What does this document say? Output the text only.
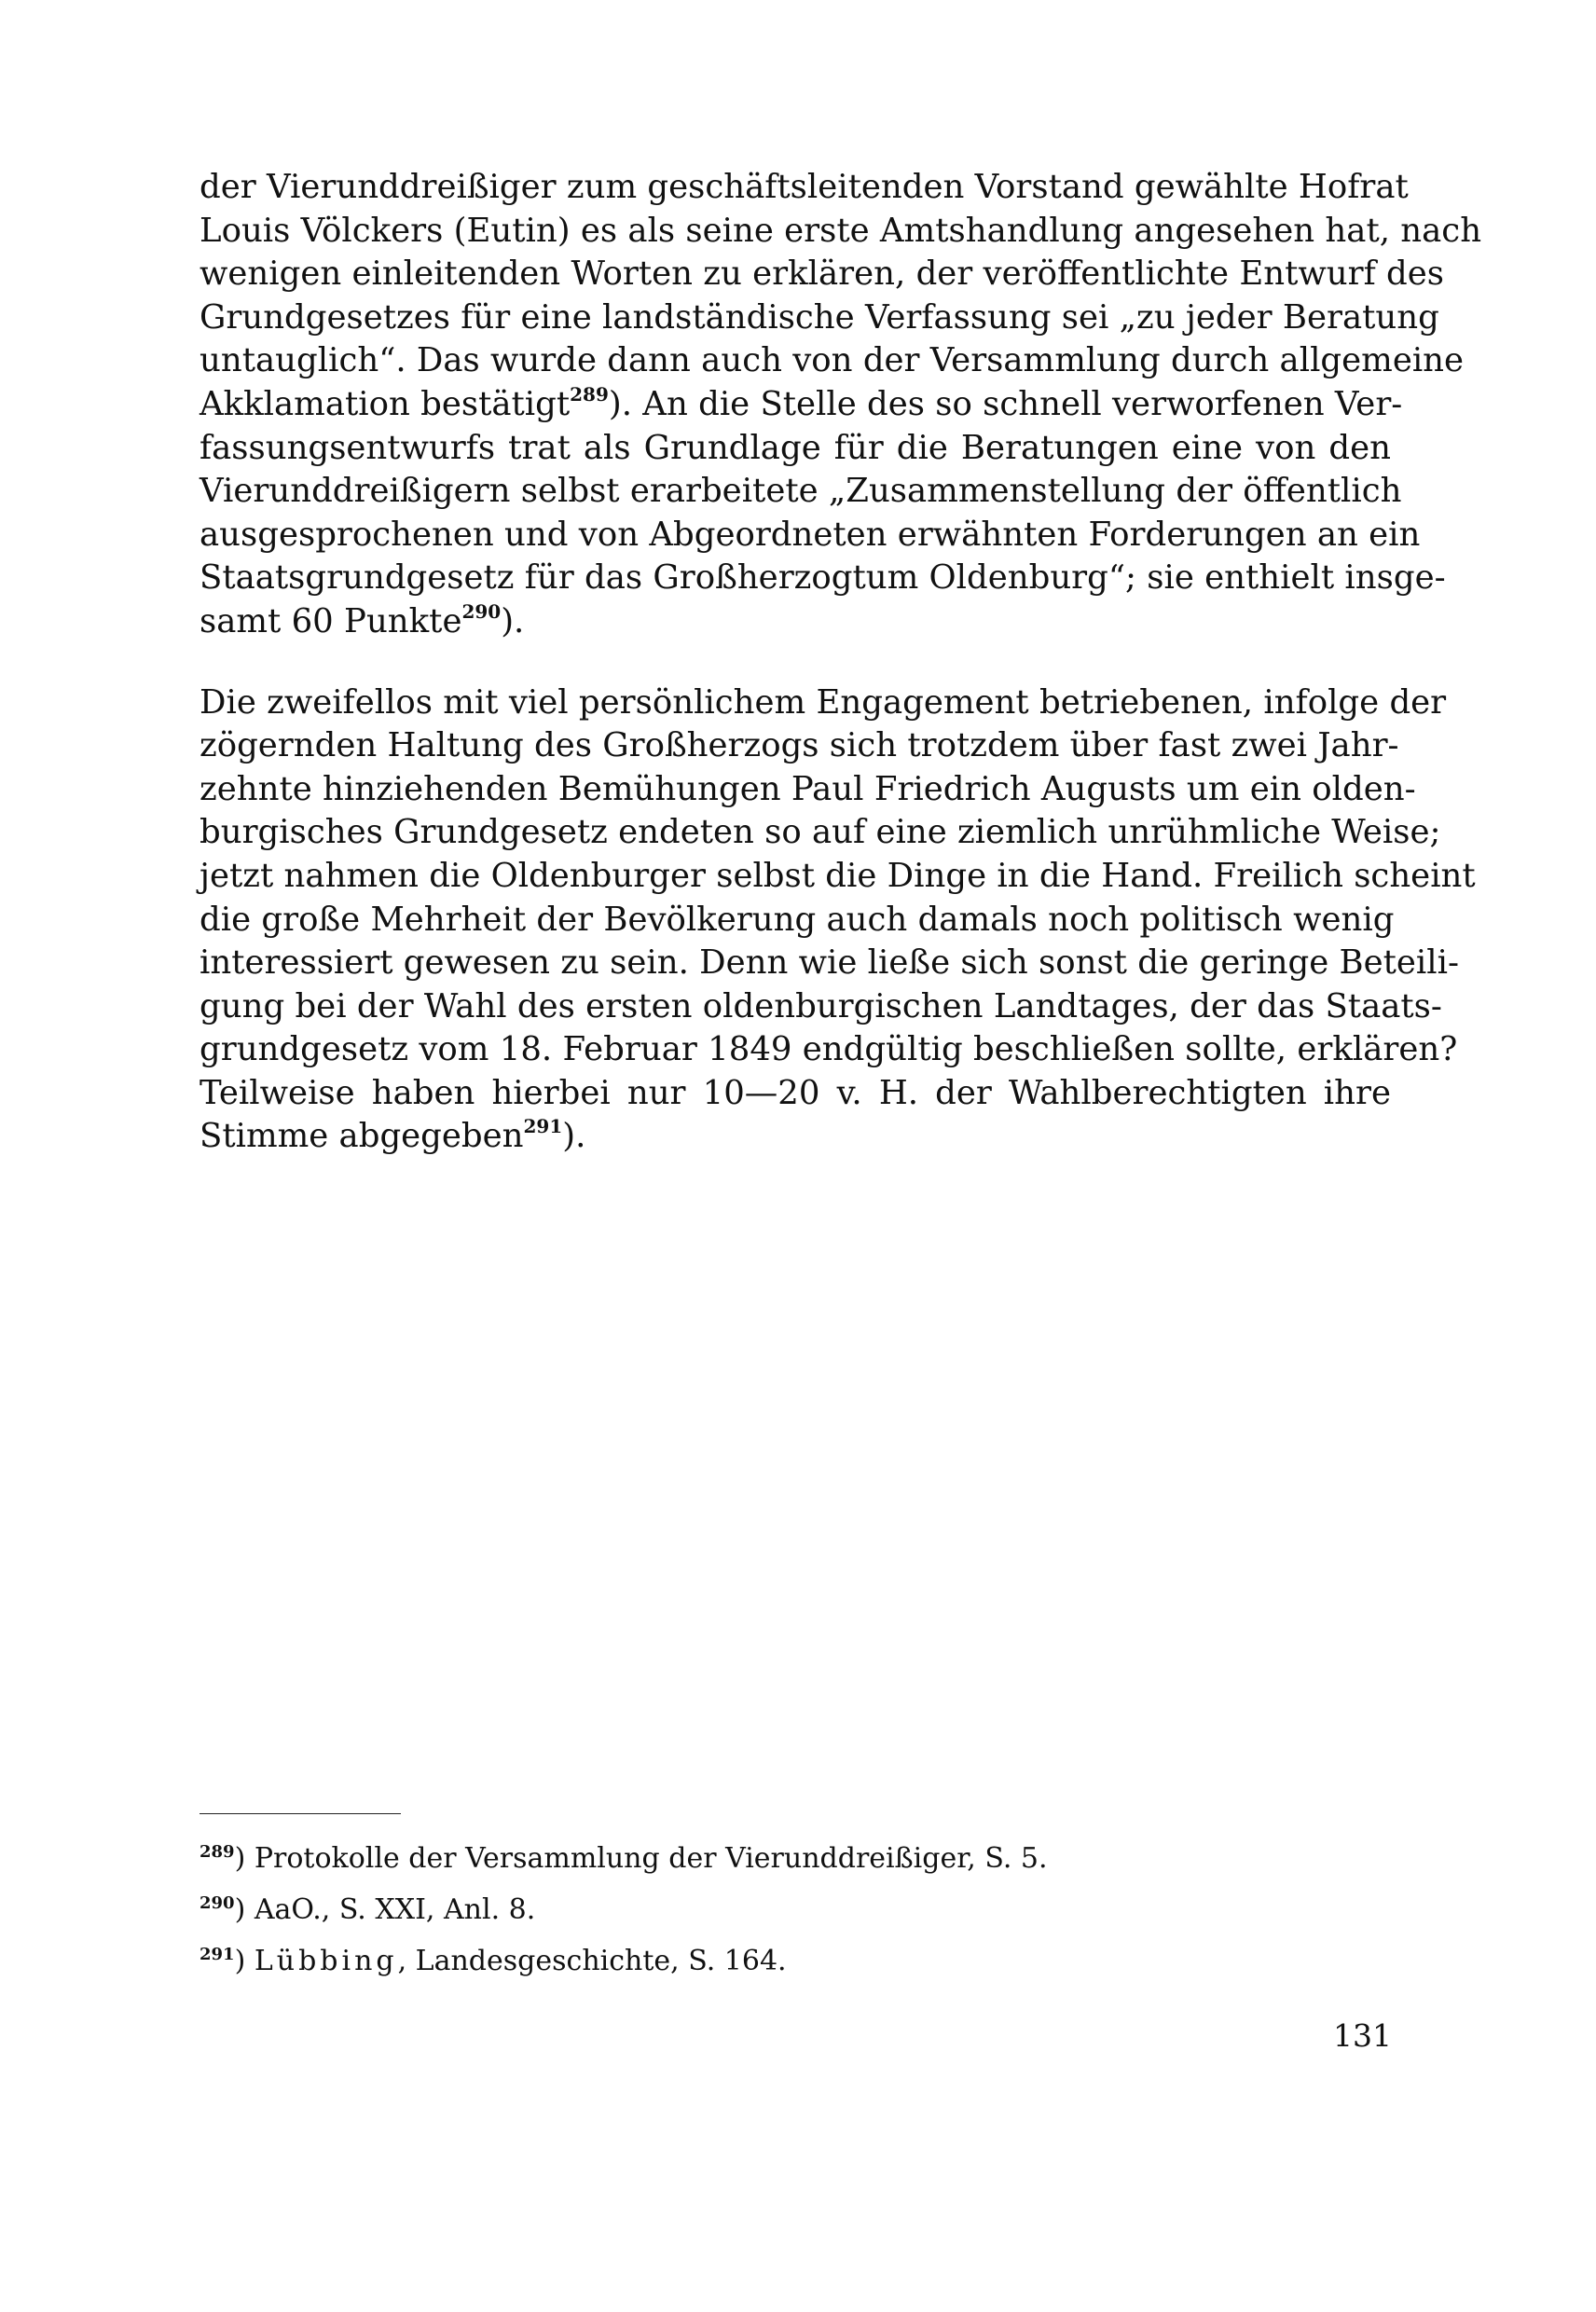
der Vierunddreißiger zum geschäftsleitenden Vorstand gewählte Hofrat
Louis Völckers (Eutin) es als seine erste Amtshandlung angesehen hat, nach
wenigen einleitenden Worten zu erklären, der veröffentlichte Entwurf des
Grundgesetzes für eine landständische Verfassung sei „zu jeder Beratung
untauglich“. Das wurde dann auch von der Versammlung durch allgemeine
Akklamation bestätigt$^{289}$). An die Stelle des so schnell verworfenen Ver-
fassungsentwurfs trat als Grundlage für die Beratungen eine von den
Vierunddreißigern selbst erarbeitete „Zusammenstellung der öffentlich
ausgesprochenen und von Abgeordneten erwähnten Forderungen an ein
Staatsgrundgesetz für das Großherzogtum Oldenburg“; sie enthielt insge-
samt 60 Punkte$^{290}$).

Die zweifellos mit viel persönlichem Engagement betriebenen, infolge der
zögernden Haltung des Großherzogs sich trotzdem über fast zwei Jahr-
zehnte hinziehenden Bemühungen Paul Friedrich Augusts um ein olden-
burgisches Grundgesetz endeten so auf eine ziemlich unrühmliche Weise;
jetzt nahmen die Oldenburger selbst die Dinge in die Hand. Freilich scheint
die große Mehrheit der Bevölkerung auch damals noch politisch wenig
interessiert gewesen zu sein. Denn wie ließe sich sonst die geringe Beteili-
gung bei der Wahl des ersten oldenburgischen Landtages, der das Staats-
grundgesetz vom 18. Februar 1849 endgültig beschließen sollte, erklären?
Teilweise haben hierbei nur 10—20 v. H. der Wahlberechtigten ihre
Stimme abgegeben$^{291}$).

$^{289}$) Protokolle der Versammlung der Vierunddreißiger, S. 5.
$^{290}$) AaO., S. XXI, Anl. 8.
$^{291}$) Lübbing, Landesgeschichte, S. 164.
131
